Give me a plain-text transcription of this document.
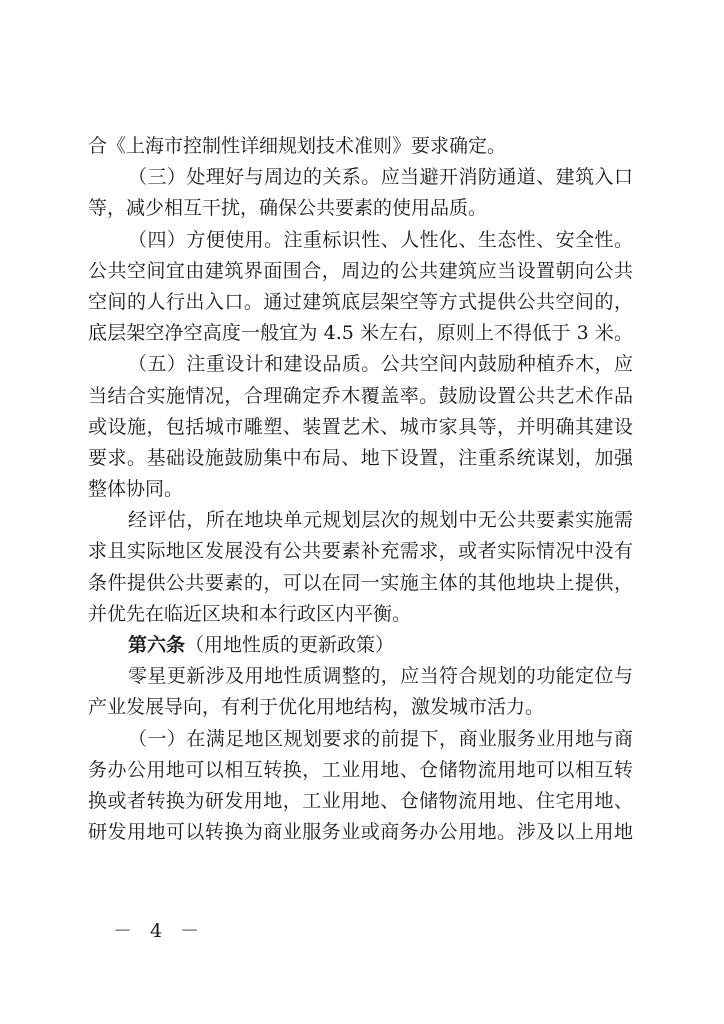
合《上海市控制性详细规划技术准则》要求确定。
（三）处理好与周边的关系。应当避开消防通道、建筑入口
等，减少相互干扰，确保公共要素的使用品质。
（四）方便使用。注重标识性、人性化、生态性、安全性。
公共空间宜由建筑界面围合，周边的公共建筑应当设置朝向公共
空间的人行出入口。通过建筑底层架空等方式提供公共空间的，
底层架空净空高度一般宜为 4.5 米左右，原则上不得低于 3 米。
（五）注重设计和建设品质。公共空间内鼓励种植乔木，应
当结合实施情况，合理确定乔木覆盖率。鼓励设置公共艺术作品
或设施，包括城市雕塑、装置艺术、城市家具等，并明确其建设
要求。基础设施鼓励集中布局、地下设置，注重系统谋划，加强
整体协同。
经评估，所在地块单元规划层次的规划中无公共要素实施需
求且实际地区发展没有公共要素补充需求，或者实际情况中没有
条件提供公共要素的，可以在同一实施主体的其他地块上提供，
并优先在临近区块和本行政区内平衡。
第六条（用地性质的更新政策）
零星更新涉及用地性质调整的，应当符合规划的功能定位与
产业发展导向，有利于优化用地结构，激发城市活力。
（一）在满足地区规划要求的前提下，商业服务业用地与商
务办公用地可以相互转换，工业用地、仓储物流用地可以相互转
换或者转换为研发用地，工业用地、仓储物流用地、住宅用地、
研发用地可以转换为商业服务业或商务办公用地。涉及以上用地
－ 4 －
